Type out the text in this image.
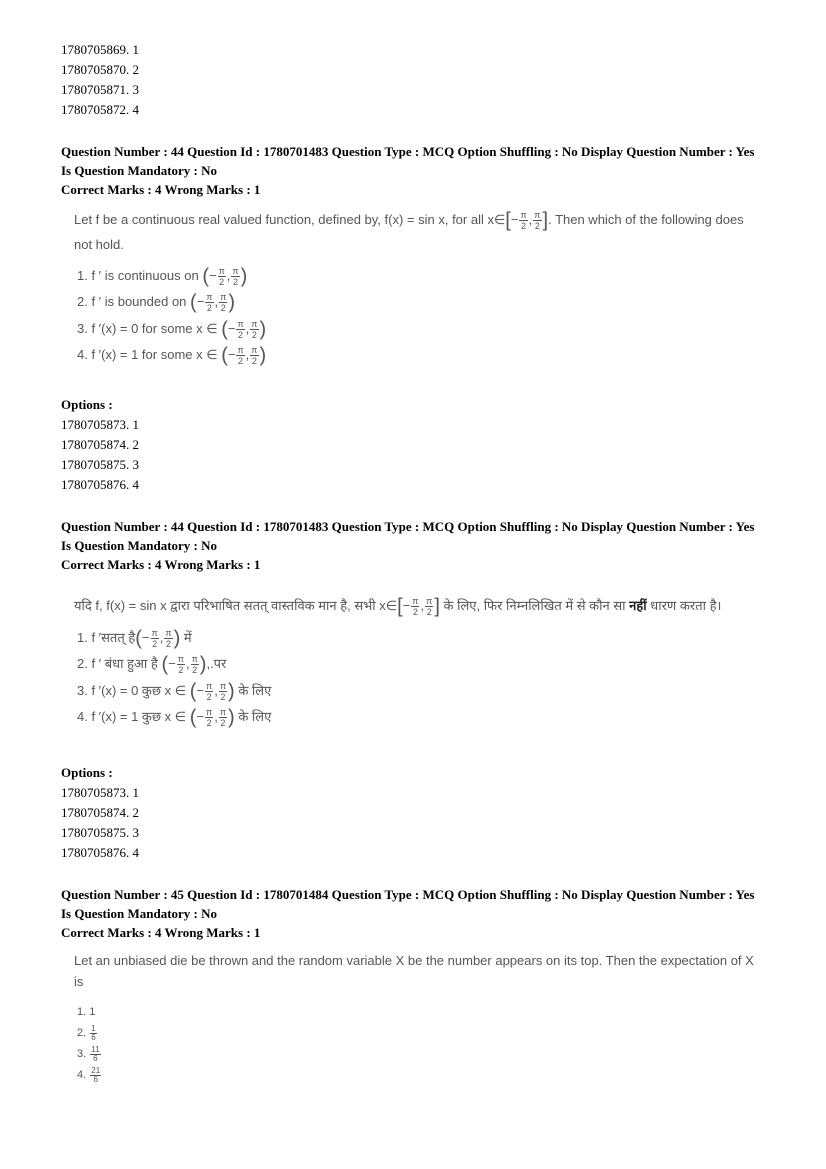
1780705869. 1
1780705870. 2
1780705871. 3
1780705872. 4
Question Number : 44 Question Id : 1780701483 Question Type : MCQ Option Shuffling : No Display Question Number : Yes
Is Question Mandatory : No
Correct Marks : 4 Wrong Marks : 1
Let f be a continuous real valued function, defined by, f(x) = sin x, for all x∈[− $\frac{\pi}{2}$ , $\frac{\pi}{2}$ ]. Then which of the following does
not hold.
1. f ′ is continuous on (− $\frac{\pi}{2}$ , $\frac{\pi}{2}$ )
2. f ′ is bounded on (− $\frac{\pi}{2}$ , $\frac{\pi}{2}$ )
3. f ′(x) = 0 for some x ∈ (− $\frac{\pi}{2}$ , $\frac{\pi}{2}$ )
4. f ′(x) = 1 for some x ∈ (− $\frac{\pi}{2}$ , $\frac{\pi}{2}$ )
Options :
1780705873. 1
1780705874. 2
1780705875. 3
1780705876. 4
Question Number : 44 Question Id : 1780701483 Question Type : MCQ Option Shuffling : No Display Question Number : Yes
Is Question Mandatory : No
Correct Marks : 4 Wrong Marks : 1
यदि f, f(x) = sin x द्वारा परिभाषित सतत् वास्तविक मान है, सभी x∈[− $\frac{\pi}{2}$ , $\frac{\pi}{2}$ ] के लिए, फिर निम्नलिखित में से कौन सा नहीं धारण करता है।
1. f ′सतत् है(− $\frac{\pi}{2}$ , $\frac{\pi}{2}$ ) में
2. f ′ बंधा हुआ है (− $\frac{\pi}{2}$ , $\frac{\pi}{2}$ ),.पर
3. f ′(x) = 0 कुछ x ∈ (− $\frac{\pi}{2}$ , $\frac{\pi}{2}$ ) के लिए
4. f ′(x) = 1 कुछ x ∈ (− $\frac{\pi}{2}$ , $\frac{\pi}{2}$ ) के लिए
Options :
1780705873. 1
1780705874. 2
1780705875. 3
1780705876. 4
Question Number : 45 Question Id : 1780701484 Question Type : MCQ Option Shuffling : No Display Question Number : Yes
Is Question Mandatory : No
Correct Marks : 4 Wrong Marks : 1
Let an unbiased die be thrown and the random variable X be the number appears on its top. Then the expectation of X
is
1. 1
2. $\frac{1}{6}$
3. $\frac{11}{6}$
4. $\frac{21}{6}$
